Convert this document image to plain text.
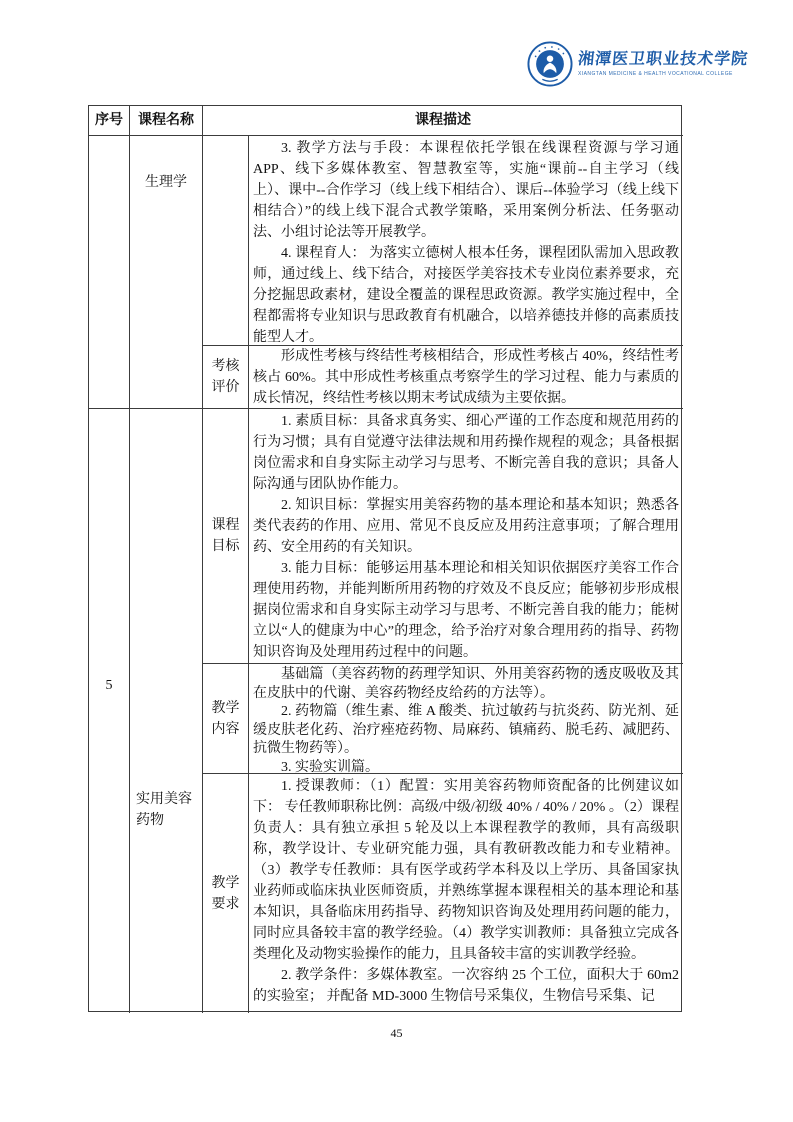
湘潭医卫职业技术学院
XIANGTAN MEDICINE & HEALTH VOCATIONAL COLLEGE
序号	课程名称	课程描述
5
生理学
实用美容药物

3. 教学方法与手段：本课程依托学银在线课程资源与学习通 APP、线下多媒体教室、智慧教室等，实施“课前--自主学习（线上）、课中--合作学习（线上线下相结合）、课后--体验学习（线上线下相结合）”的线上线下混合式教学策略，采用案例分析法、任务驱动法、小组讨论法等开展教学。

4. 课程育人： 为落实立德树人根本任务，课程团队需加入思政教师，通过线上、线下结合，对接医学美容技术专业岗位素养要求，充分挖掘思政素材，建设全覆盖的课程思政资源。教学实施过程中，全程都需将专业知识与思政教育有机融合，以培养德技并修的高素质技能型人才。

考核评价

形成性考核与终结性考核相结合，形成性考核占 40%，终结性考核占 60%。其中形成性考核重点考察学生的学习过程、能力与素质的成长情况，终结性考核以期末考试成绩为主要依据。

课程目标

1. 素质目标：具备求真务实、细心严谨的工作态度和规范用药的行为习惯；具有自觉遵守法律法规和用药操作规程的观念；具备根据岗位需求和自身实际主动学习与思考、不断完善自我的意识；具备人际沟通与团队协作能力。

2. 知识目标：掌握实用美容药物的基本理论和基本知识；熟悉各类代表药的作用、应用、常见不良反应及用药注意事项；了解合理用药、安全用药的有关知识。

3. 能力目标：能够运用基本理论和相关知识依据医疗美容工作合理使用药物，并能判断所用药物的疗效及不良反应；能够初步形成根据岗位需求和自身实际主动学习与思考、不断完善自我的能力；能树立以“人的健康为中心”的理念，给予治疗对象合理用药的指导、药物知识咨询及处理用药过程中的问题。

教学内容

基础篇（美容药物的药理学知识、外用美容药物的透皮吸收及其在皮肤中的代谢、美容药物经皮给药的方法等）。

2. 药物篇（维生素、维 A 酸类、抗过敏药与抗炎药、防光剂、延缓皮肤老化药、治疗痤疮药物、局麻药、镇痛药、脱毛药、减肥药、抗微生物药等）。

3. 实验实训篇。

教学要求

1. 授课教师：（1）配置：实用美容药物师资配备的比例建议如下： 专任教师职称比例：高级/中级/初级 40% / 40% / 20% 。（2）课程负责人：具有独立承担 5 轮及以上本课程教学的教师，具有高级职称，教学设计、专业研究能力强，具有教研教改能力和专业精神。（3）教学专任教师：具有医学或药学本科及以上学历、具备国家执业药师或临床执业医师资质，并熟练掌握本课程相关的基本理论和基本知识，具备临床用药指导、药物知识咨询及处理用药问题的能力，同时应具备较丰富的教学经验。（4）教学实训教师：具备独立完成各类理化及动物实验操作的能力，且具备较丰富的实训教学经验。

2. 教学条件：多媒体教室。一次容纳 25 个工位，面积大于 60m2 的实验室； 并配备 MD-3000 生物信号采集仪，生物信号采集、记

45
